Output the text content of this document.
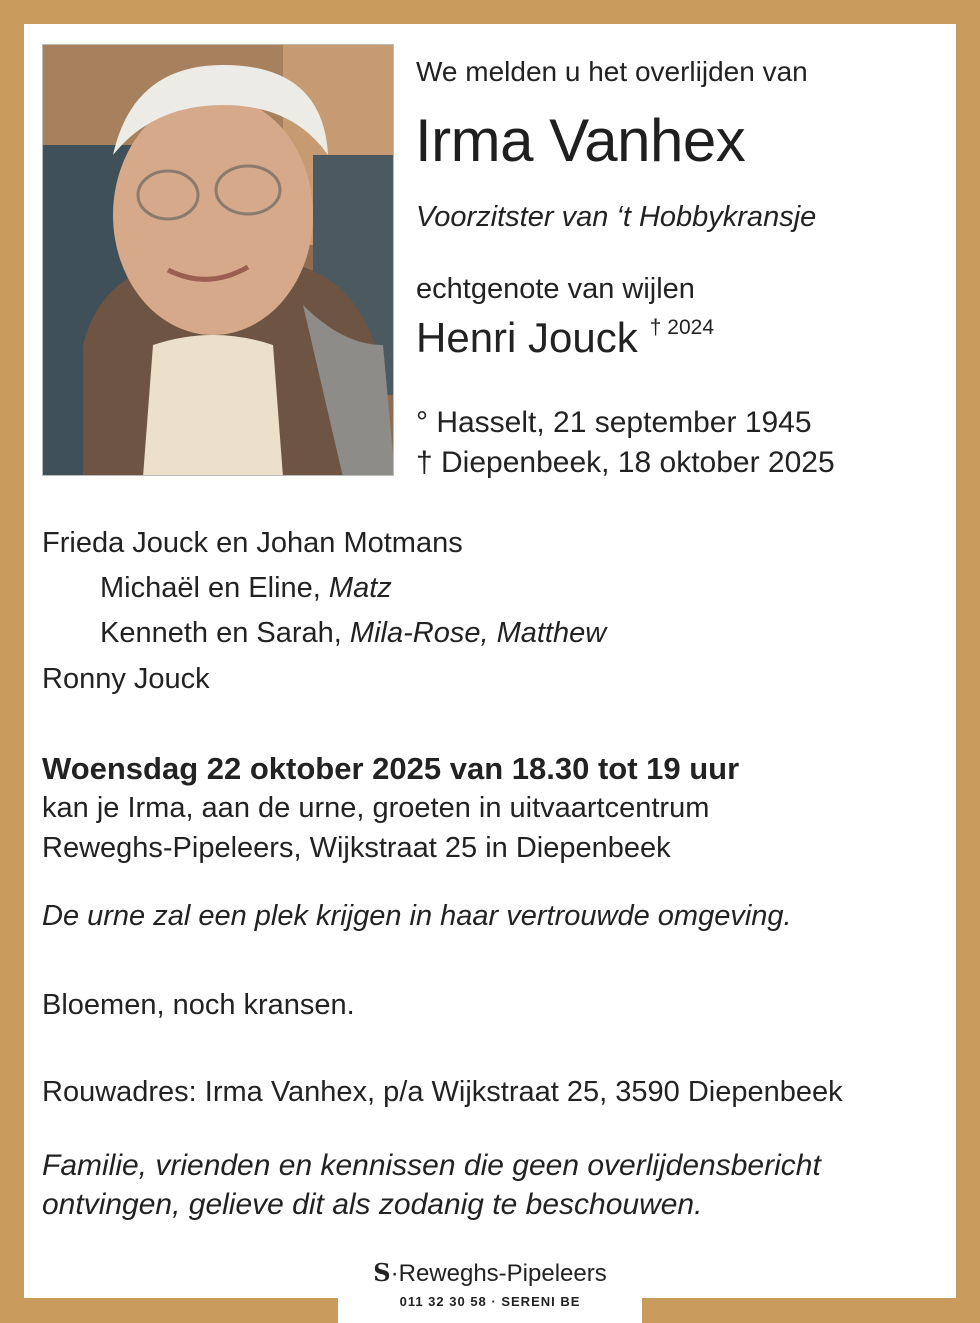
We melden u het overlijden van
Irma Vanhex
Voorzitster van ‘t Hobbykransje
echtgenote van wijlen
Henri Jouck $^{\dagger 2024}$
° Hasselt, 21 september 1945
† Diepenbeek, 18 oktober 2025
Frieda Jouck en Johan Motmans
Michaël en Eline, Matz
Kenneth en Sarah, Mila-Rose, Matthew
Ronny Jouck
Woensdag 22 oktober 2025 van 18.30 tot 19 uur
kan je Irma, aan de urne, groeten in uitvaartcentrum
Reweghs-Pipeleers, Wijkstraat 25 in Diepenbeek
De urne zal een plek krijgen in haar vertrouwde omgeving.
Bloemen, noch kransen.
Rouwadres: Irma Vanhex, p/a Wijkstraat 25, 3590 Diepenbeek
Familie, vrienden en kennissen die geen overlijdensbericht
ontvingen, gelieve dit als zodanig te beschouwen.
S·Reweghs-Pipeleers
011 32 30 58 · SERENI BE
